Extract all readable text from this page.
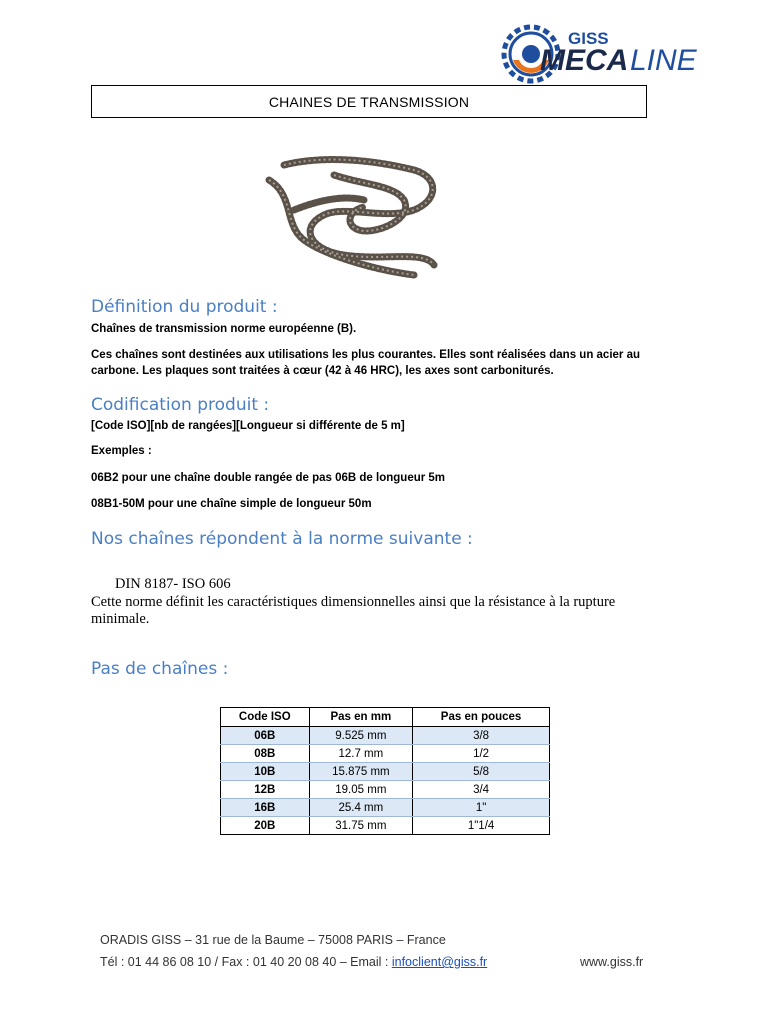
GISS
MECA LINE
CHAINES DE TRANSMISSION
Définition du produit :
Chaînes de transmission norme européenne (B).
Ces chaînes sont destinées aux utilisations les plus courantes. Elles sont réalisées dans un acier au
carbone. Les plaques sont traitées à cœur (42 à 46 HRC), les axes sont carboniturés.
Codification produit :
[Code ISO][nb de rangées][Longueur si différente de 5 m]
Exemples :
06B2 pour une chaîne double rangée de pas 06B de longueur 5m
08B1-50M pour une chaîne simple de longueur 50m
Nos chaînes répondent à la norme suivante :
DIN 8187- ISO 606
Cette norme définit les caractéristiques dimensionnelles ainsi que la résistance à la rupture
minimale.
Pas de chaînes :
Code ISO	Pas en mm	Pas en pouces
06B	9.525 mm	3/8
08B	12.7 mm	1/2
10B	15.875 mm	5/8
12B	19.05 mm	3/4
16B	25.4 mm	1"
20B	31.75 mm	1"1/4
ORADIS GISS – 31 rue de la Baume – 75008 PARIS – France
Tél : 01 44 86 08 10 / Fax : 01 40 20 08 40 – Email : infoclient@giss.fr	www.giss.fr
